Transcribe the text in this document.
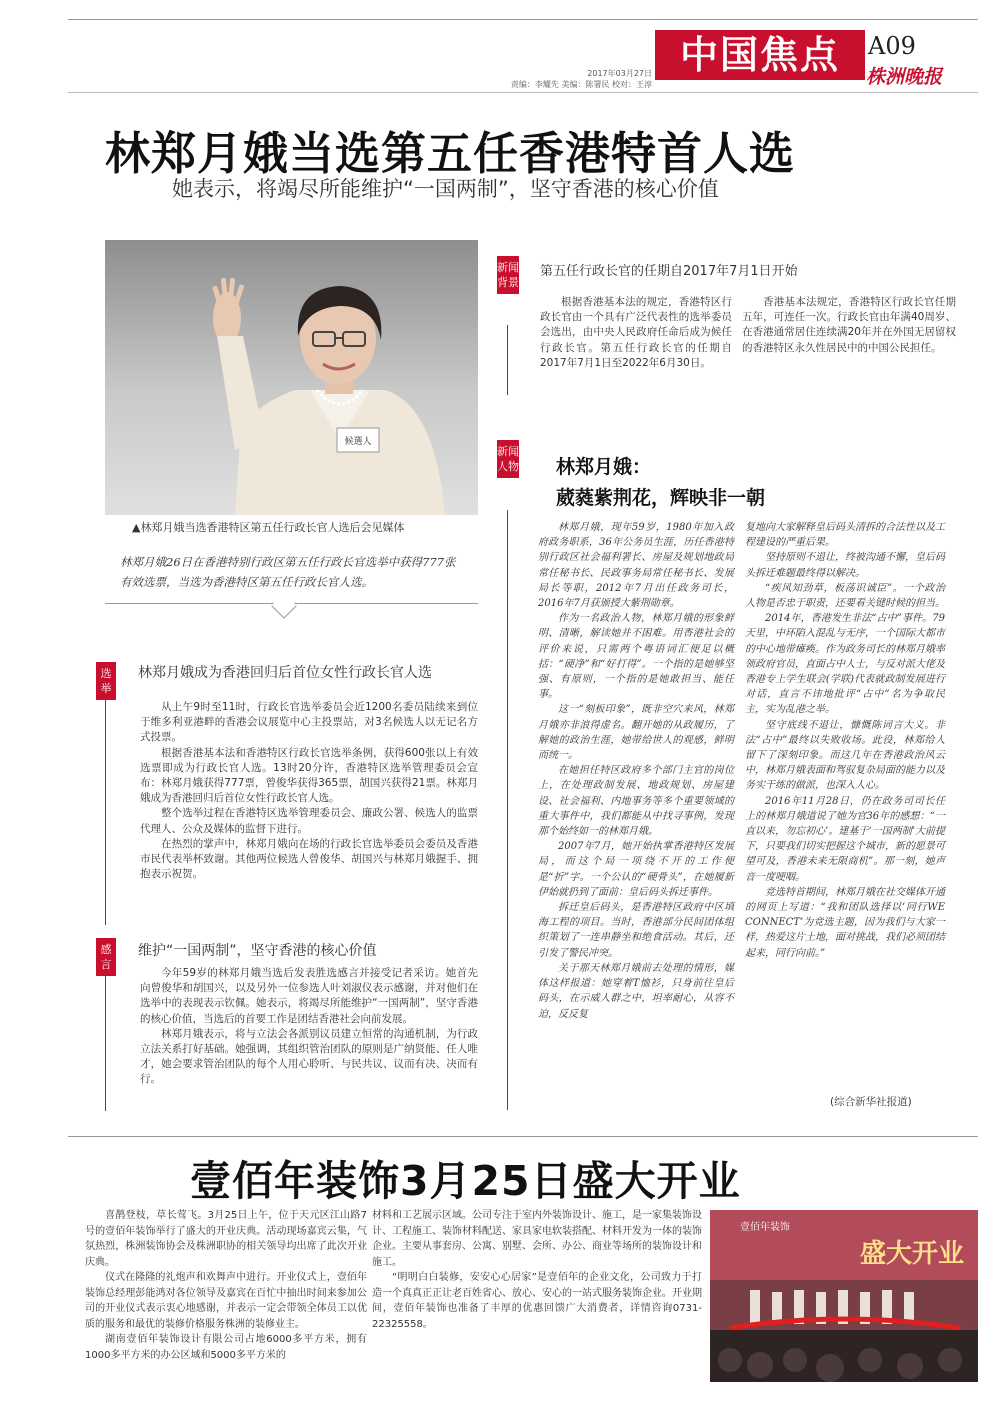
中国焦点	A09
株洲晚报
2017年03月27日
责编：李耀先 美编：陈署民 校对：王淳
林郑月娥当选第五任香港特首人选
她表示，将竭尽所能维护“一国两制”，坚守香港的核心价值
候選人
▲林郑月娥当选香港特区第五任行政长官人选后会见媒体
林郑月娥26日在香港特别行政区第五任行政长官选举中获得777张有效选票，当选为香港特区第五任行政长官人选。
选举
林郑月娥成为香港回归后首位女性行政长官人选

从上午9时至11时，行政长官选举委员会近1200名委员陆续来到位于维多利亚港畔的香港会议展览中心主投票站，对3名候选人以无记名方式投票。

根据香港基本法和香港特区行政长官选举条例，获得600张以上有效选票即成为行政长官人选。13时20分许，香港特区选举管理委员会宣布：林郑月娥获得777票，曾俊华获得365票，胡国兴获得21票。林郑月娥成为香港回归后首位女性行政长官人选。

整个选举过程在香港特区选举管理委员会、廉政公署、候选人的监票代理人、公众及媒体的监督下进行。

在热烈的掌声中，林郑月娥向在场的行政长官选举委员会委员及香港市民代表举杯致谢。其他两位候选人曾俊华、胡国兴与林郑月娥握手、拥抱表示祝贺。

感言
维护“一国两制”，坚守香港的核心价值

今年59岁的林郑月娥当选后发表胜选感言并接受记者采访。她首先向曾俊华和胡国兴，以及另外一位参选人叶刘淑仪表示感谢，并对他们在选举中的表现表示钦佩。她表示，将竭尽所能维护“一国两制”，坚守香港的核心价值，当选后的首要工作是团结香港社会向前发展。

林郑月娥表示，将与立法会各派别议员建立恒常的沟通机制，为行政立法关系打好基础。她强调，其组织管治团队的原则是广纳贤能、任人唯才，她会要求管治团队的每个人用心聆听、与民共议、议而有决、决而有行。

新闻背景
第五任行政长官的任期自2017年7月1日开始

根据香港基本法的规定，香港特区行政长官由一个具有广泛代表性的选举委员会选出，由中央人民政府任命后成为候任行政长官。第五任行政长官的任期自2017年7月1日至2022年6月30日。

香港基本法规定，香港特区行政长官任期五年，可连任一次。行政长官由年满40周岁、在香港通常居住连续满20年并在外国无居留权的香港特区永久性居民中的中国公民担任。

新闻人物 林郑月娥：
葳蕤紫荆花，辉映非一朝

林郑月娥，现年59岁，1980年加入政府政务职系，36年公务员生涯，历任香港特别行政区社会福利署长、房屋及规划地政局常任秘书长、民政事务局常任秘书长、发展局长等职，2012年7月出任政务司长，2016年7月获颁授大紫荆勋章。

作为一名政治人物，林郑月娥的形象鲜明、清晰，解读她并不困难。用香港社会的评价来说，只需两个粤语词汇便足以概括：“硬净”和“好打得”。一个指的是她够坚强、有原则，一个指的是她敢担当、能任事。

这一“刻板印象”，既非空穴来风，林郑月娥亦非浪得虚名。翻开她的从政履历，了解她的政治生涯，她带给世人的观感，鲜明而统一。

在她担任特区政府多个部门主官的岗位上，在处理政制发展、地政规划、房屋建设、社会福利、内地事务等多个重要领域的重大事件中，我们都能从中找寻事例，发现那个始终如一的林郑月娥。

2007年7月，她开始执掌香港特区发展局，而这个局一项绕不开的工作便是“折”字。一个公认的“硬骨头”，在她履新伊始就扔到了面前：皇后码头拆迁事件。

拆迁皇后码头，是香港特区政府中区填海工程的项目。当时，香港部分民间团体组织策划了一连串静坐和绝食活动。其后，还引发了警民冲突。

关于那天林郑月娥前去处理的情形，媒体这样报道：她穿着T恤衫，只身前往皇后码头，在示威人群之中，坦率耐心，从容不迫，反反复

复地向大家解释皇后码头清拆的合法性以及工程建设的严重后果。

坚持原则不退让，终被沟通不懈，皇后码头拆迁难题最终得以解决。

“疾风知劲草，板荡识诚臣”。一个政治人物是否忠于职责，还要看关键时候的担当。

2014年，香港发生非法“占中”事件。79天里，中环陷入混乱与无序，一个国际大都市的中心地带瘫痪。作为政务司长的林郑月娥率领政府官员，直面占中人士，与反对派大佬及香港专上学生联会(学联)代表就政制发展进行对话，直言不讳地批评“占中”名为争取民主，实为乱港之举。

坚守底线不退让，慷慨陈词言大义。非法“占中”最终以失败收场。此役，林郑给人留下了深刻印象。而这几年在香港政治风云中，林郑月娥表面和驾驭复杂局面的能力以及务实干练的做派，也深入人心。

2016年11月28日，仍在政务司司长任上的林郑月娥道说了她为官36年的感想：“一直以来，勿忘初心’。建基于‘一国两制’大前提下，只要我们切实把握这个城市，新的愿景可望可及，香港未来无限商机”。那一刻，她声音一度哽咽。

竞选特首期间，林郑月娥在社交媒体开通的网页上写道：“我和团队选择以‘同行WE CONNECT’为竞选主题，因为我们与大家一样，热爱这片土地，面对挑战，我们必须团结起来，同行向前。”

(综合新华社报道)
壹佰年装饰3月25日盛大开业

喜鹊登枝，草长莺飞。3月25日上午，位于天元区江山路7号的壹佰年装饰举行了盛大的开业庆典。活动现场嘉宾云集，气氛热烈，株洲装饰协会及株洲职协的相关领导均出席了此次开业庆典。

仪式在隆隆的礼炮声和欢舞声中进行。开业仪式上，壹佰年装饰总经理彭能鸿对各位领导及嘉宾在百忙中抽出时间来参加公司的开业仪式表示衷心地感谢，并表示一定会带领全体员工以优质的服务和最优的装修价格服务株洲的装修业主。

湖南壹佰年装饰设计有限公司占地6000多平方米，拥有1000多平方米的办公区域和5000多平方米的

材料和工艺展示区域。公司专注于室内外装饰设计、施工，是一家集装饰设计、工程施工、装饰材料配送、家具家电软装搭配、材料开发为一体的装饰企业。主要从事套房、公寓、别墅、会所、办公、商业等场所的装饰设计和施工。

“明明白白装修，安安心心居家”是壹佰年的企业文化，公司致力于打造一个真真正正让老百姓省心、放心、安心的一站式服务装饰企业。开业期间，壹佰年装饰也准备了丰厚的优惠回馈广大消费者，详情咨询0731-22325558。

壹佰年装饰
盛大开业
